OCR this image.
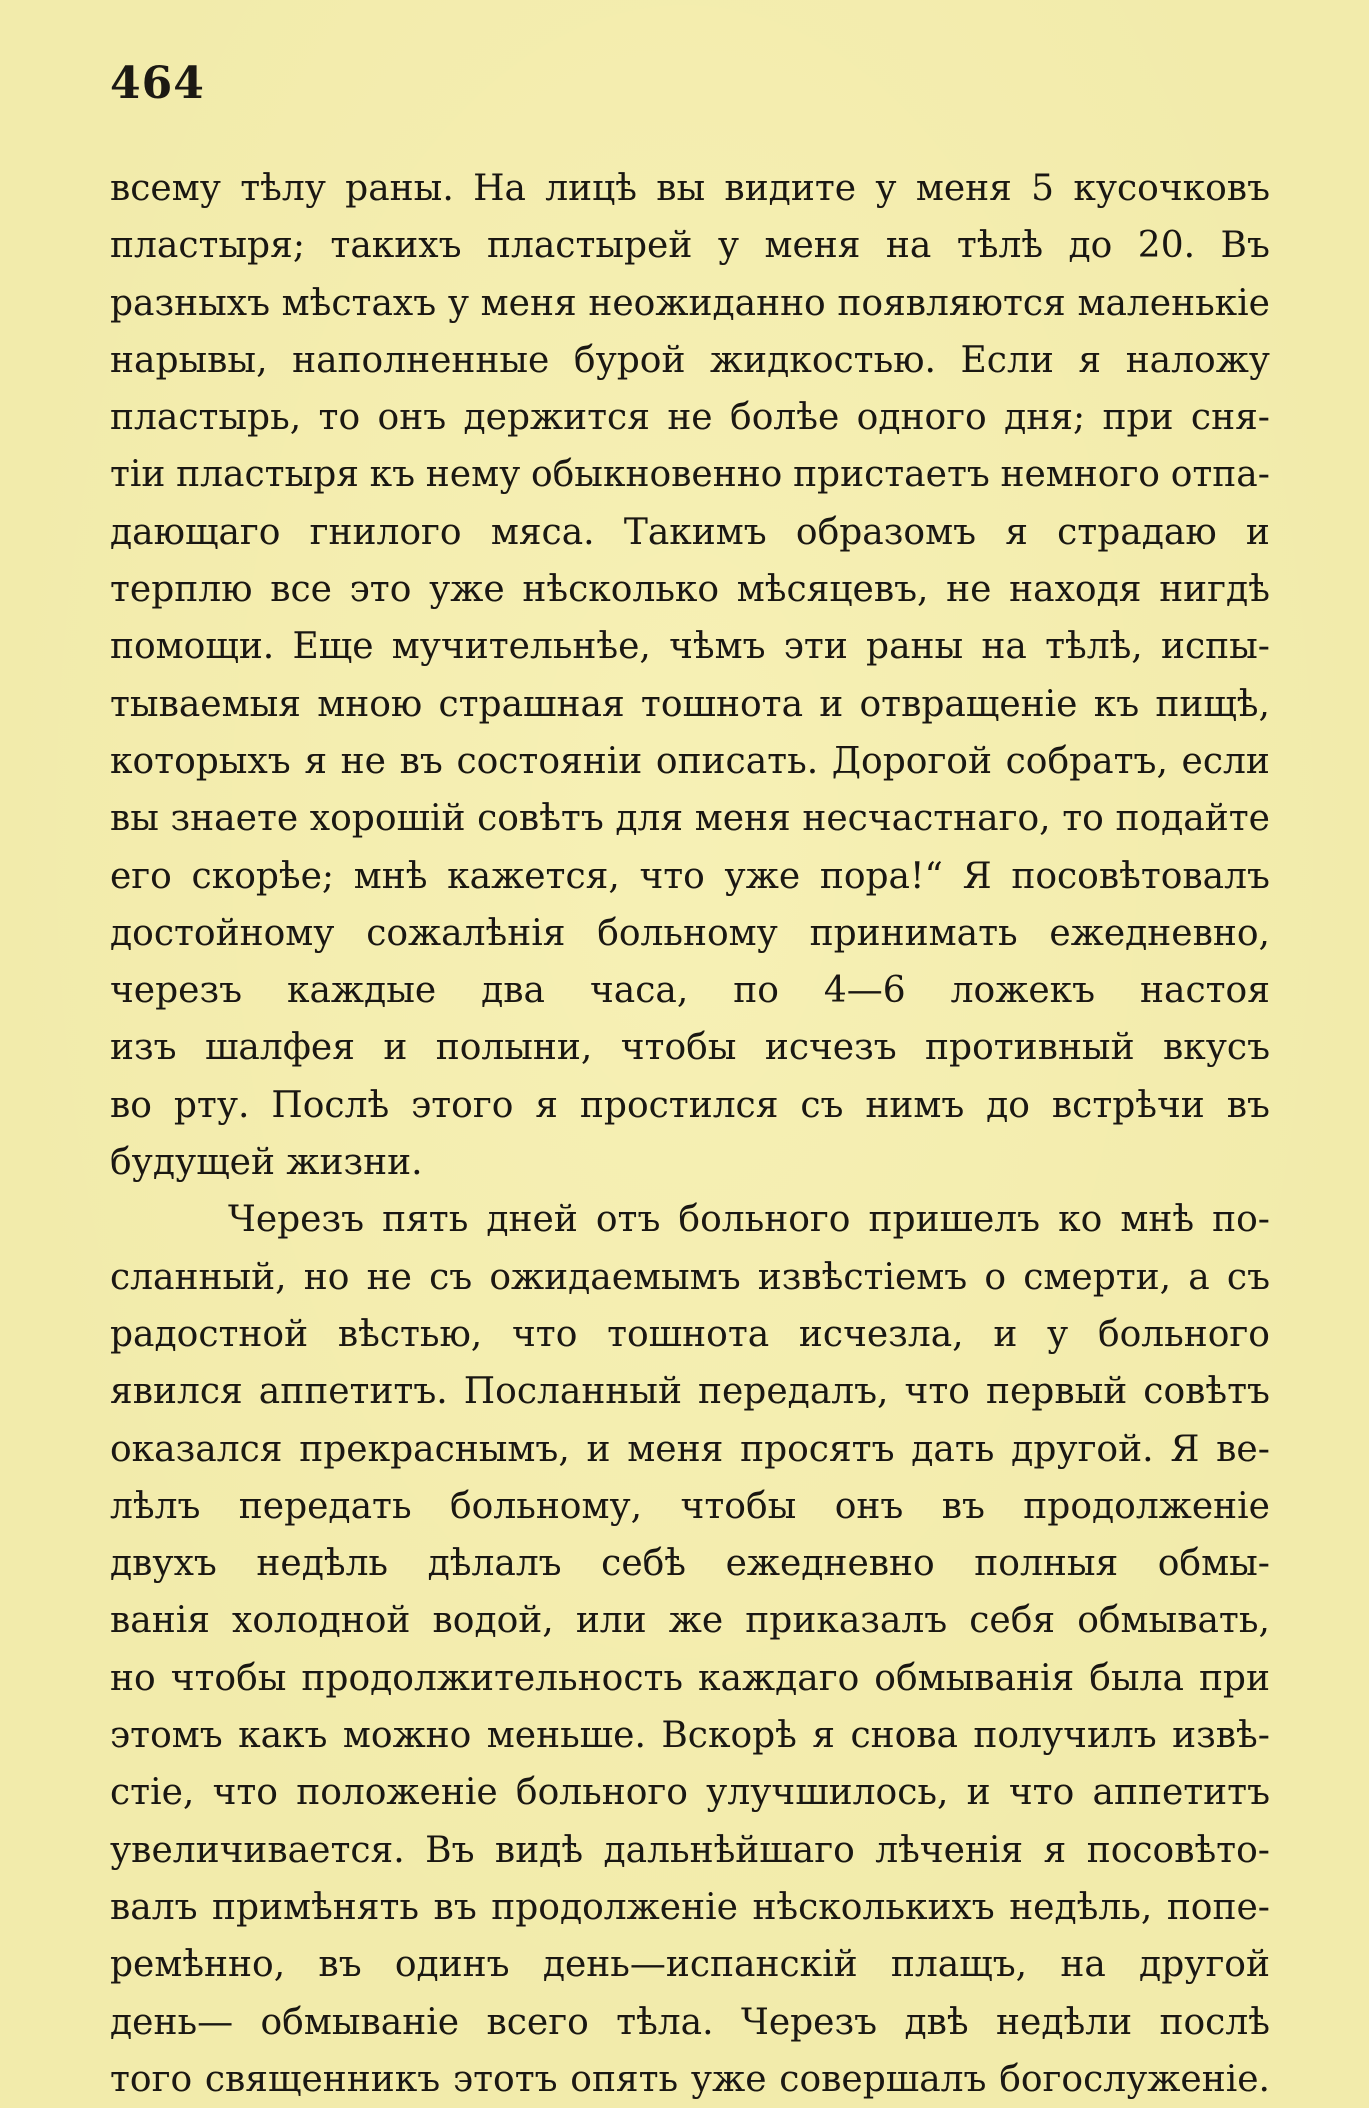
464
всему тѣлу раны. На лицѣ вы видите у меня 5 кусочковъ
пластыря; такихъ пластырей у меня на тѣлѣ до 20. Въ
разныхъ мѣстахъ у меня неожиданно появляются маленькіе
нарывы, наполненные бурой жидкостью. Если я наложу
пластырь, то онъ держится не болѣе одного дня; при сня-
тіи пластыря къ нему обыкновенно пристаетъ немного отпа-
дающаго гнилого мяса. Такимъ образомъ я страдаю и
терплю все это уже нѣсколько мѣсяцевъ, не находя нигдѣ
помощи. Еще мучительнѣе, чѣмъ эти раны на тѣлѣ, испы-
тываемыя мною страшная тошнота и отвращеніе къ пищѣ,
которыхъ я не въ состояніи описать. Дорогой собратъ, если
вы знаете хорошій совѣтъ для меня несчастнаго, то подайте
его скорѣе; мнѣ кажется, что уже пора!“ Я посовѣтовалъ
достойному сожалѣнія больному принимать ежедневно,
черезъ каждые два часа, по 4—6 ложекъ настоя
изъ шалфея и полыни, чтобы исчезъ противный вкусъ
во рту. Послѣ этого я простился съ нимъ до встрѣчи въ
будущей жизни.
Черезъ пять дней отъ больного пришелъ ко мнѣ по-
сланный, но не съ ожидаемымъ извѣстіемъ о смерти, а съ
радостной вѣстью, что тошнота исчезла, и у больного
явился аппетитъ. Посланный передалъ, что первый совѣтъ
оказался прекраснымъ, и меня просятъ дать другой. Я ве-
лѣлъ передать больному, чтобы онъ въ продолженіе
двухъ недѣль дѣлалъ себѣ ежедневно полныя обмы-
ванія холодной водой, или же приказалъ себя обмывать,
но чтобы продолжительность каждаго обмыванія была при
этомъ какъ можно меньше. Вскорѣ я снова получилъ извѣ-
стіе, что положеніе больного улучшилось, и что аппетитъ
увеличивается. Въ видѣ дальнѣйшаго лѣченія я посовѣто-
валъ примѣнять въ продолженіе нѣсколькихъ недѣль, попе-
ремѣнно, въ одинъ день—испанскій плащъ, на другой
день— обмываніе всего тѣла. Черезъ двѣ недѣли послѣ
того священникъ этотъ опять уже совершалъ богослуженіе.
